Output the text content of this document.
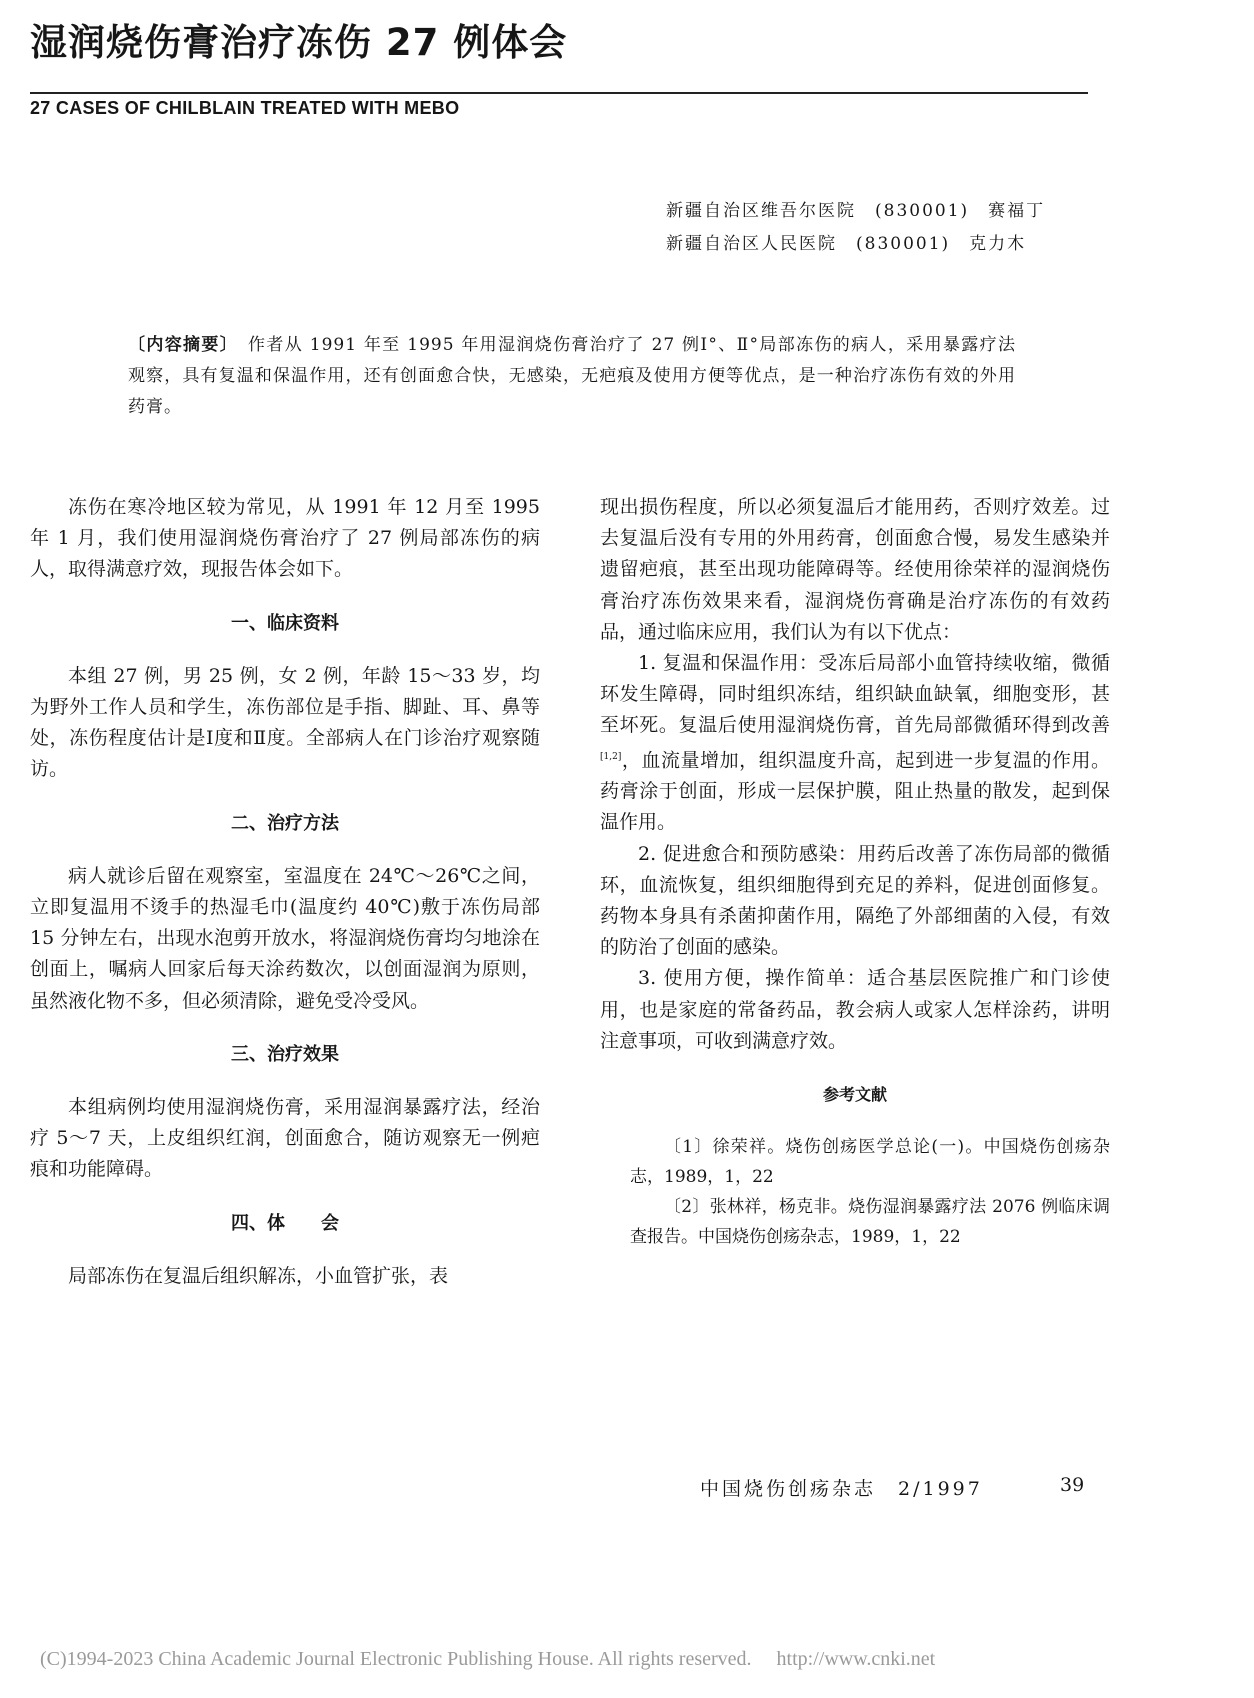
湿润烧伤膏治疗冻伤 27 例体会
27 CASES OF CHILBLAIN TREATED WITH MEBO
新疆自治区维吾尔医院　(830001)　赛福丁
新疆自治区人民医院　(830001)　克力木
〔内容摘要〕　 作者从 1991 年至 1995 年用湿润烧伤膏治疗了 27 例Ⅰ°、Ⅱ°局部冻伤的病人，采用暴露疗法观察，具有复温和保温作用，还有创面愈合快，无感染，无疤痕及使用方便等优点，是一种治疗冻伤有效的外用药膏。

冻伤在寒冷地区较为常见，从 1991 年 12 月至 1995 年 1 月，我们使用湿润烧伤膏治疗了 27 例局部冻伤的病人，取得满意疗效，现报告体会如下。

一、临床资料

本组 27 例，男 25 例，女 2 例，年龄 15～33 岁，均为野外工作人员和学生，冻伤部位是手指、脚趾、耳、鼻等处，冻伤程度估计是Ⅰ度和Ⅱ度。全部病人在门诊治疗观察随访。

二、治疗方法

病人就诊后留在观察室，室温度在 24℃～26℃之间，立即复温用不烫手的热湿毛巾(温度约 40℃)敷于冻伤局部 15 分钟左右，出现水泡剪开放水，将湿润烧伤膏均匀地涂在创面上，嘱病人回家后每天涂药数次，以创面湿润为原则，虽然液化物不多，但必须清除，避免受冷受风。

三、治疗效果

本组病例均使用湿润烧伤膏，采用湿润暴露疗法，经治疗 5～7 天，上皮组织红润，创面愈合，随访观察无一例疤痕和功能障碍。

四、体　　会

局部冻伤在复温后组织解冻，小血管扩张，表

现出损伤程度，所以必须复温后才能用药，否则疗效差。过去复温后没有专用的外用药膏，创面愈合慢，易发生感染并遗留疤痕，甚至出现功能障碍等。经使用徐荣祥的湿润烧伤膏治疗冻伤效果来看，湿润烧伤膏确是治疗冻伤的有效药品，通过临床应用，我们认为有以下优点：

1. 复温和保温作用：受冻后局部小血管持续收缩，微循环发生障碍，同时组织冻结，组织缺血缺氧，细胞变形，甚至坏死。复温后使用湿润烧伤膏，首先局部微循环得到改善[1,2]，血流量增加，组织温度升高，起到进一步复温的作用。药膏涂于创面，形成一层保护膜，阻止热量的散发，起到保温作用。

2. 促进愈合和预防感染：用药后改善了冻伤局部的微循环，血流恢复，组织细胞得到充足的养料，促进创面修复。药物本身具有杀菌抑菌作用，隔绝了外部细菌的入侵，有效的防治了创面的感染。

3. 使用方便，操作简单：适合基层医院推广和门诊使用，也是家庭的常备药品，教会病人或家人怎样涂药，讲明注意事项，可收到满意疗效。

参考文献

〔1〕徐荣祥。烧伤创疡医学总论(一)。中国烧伤创疡杂志，1989，1，22

〔2〕张林祥，杨克非。烧伤湿润暴露疗法 2076 例临床调查报告。中国烧伤创疡杂志，1989，1，22

中国烧伤创疡杂志　2/1997	39
(C)1994-2023 China Academic Journal Electronic Publishing House. All rights reserved.　 http://www.cnki.net
